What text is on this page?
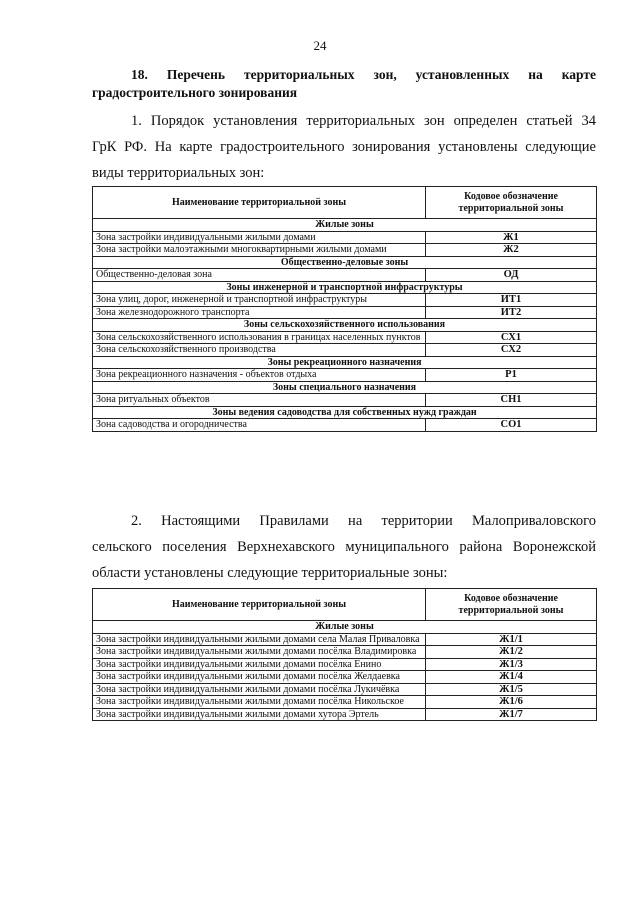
24
18. Перечень территориальных зон, установленных на карте
градостроительного зонирования
1. Порядок установления территориальных зон определен статьей 34
ГрК РФ. На карте градостроительного зонирования установлены следующие
виды территориальных зон:
Наименование территориальной зоны	Кодовое обозначение территориальной зоны
Жилые зоны	
Зона застройки индивидуальными жилыми домами	Ж1
Зона застройки малоэтажными многоквартирными жилыми домами	Ж2
Общественно-деловые зоны	
Общественно-деловая зона	ОД
Зоны инженерной и транспортной инфраструктуры	
Зона улиц, дорог, инженерной и транспортной инфраструктуры	ИТ1
Зона железнодорожного транспорта	ИТ2
Зоны сельскохозяйственного использования	
Зона сельскохозяйственного использования в границах населенных пунктов	СХ1
Зона сельскохозяйственного производства	СХ2
Зоны рекреационного назначения	
Зона рекреационного назначения - объектов отдыха	Р1
Зоны специального назначения	
Зона ритуальных объектов	СН1
Зоны ведения садоводства для собственных нужд граждан	
Зона садоводства и огородничества	СО1
2. Настоящими Правилами на территории Малоприваловского
сельского поселения Верхнехавского муниципального района Воронежской
области установлены следующие территориальные зоны:
Наименование территориальной зоны	Кодовое обозначение территориальной зоны
Жилые зоны	
Зона застройки индивидуальными жилыми домами села Малая Приваловка	Ж1/1
Зона застройки индивидуальными жилыми домами посёлка Владимировка	Ж1/2
Зона застройки индивидуальными жилыми домами посёлка Енино	Ж1/3
Зона застройки индивидуальными жилыми домами посёлка Желдаевка	Ж1/4
Зона застройки индивидуальными жилыми домами посёлка Лукичёвка	Ж1/5
Зона застройки индивидуальными жилыми домами посёлка Никольское	Ж1/6
Зона застройки индивидуальными жилыми домами хутора Эртель	Ж1/7
